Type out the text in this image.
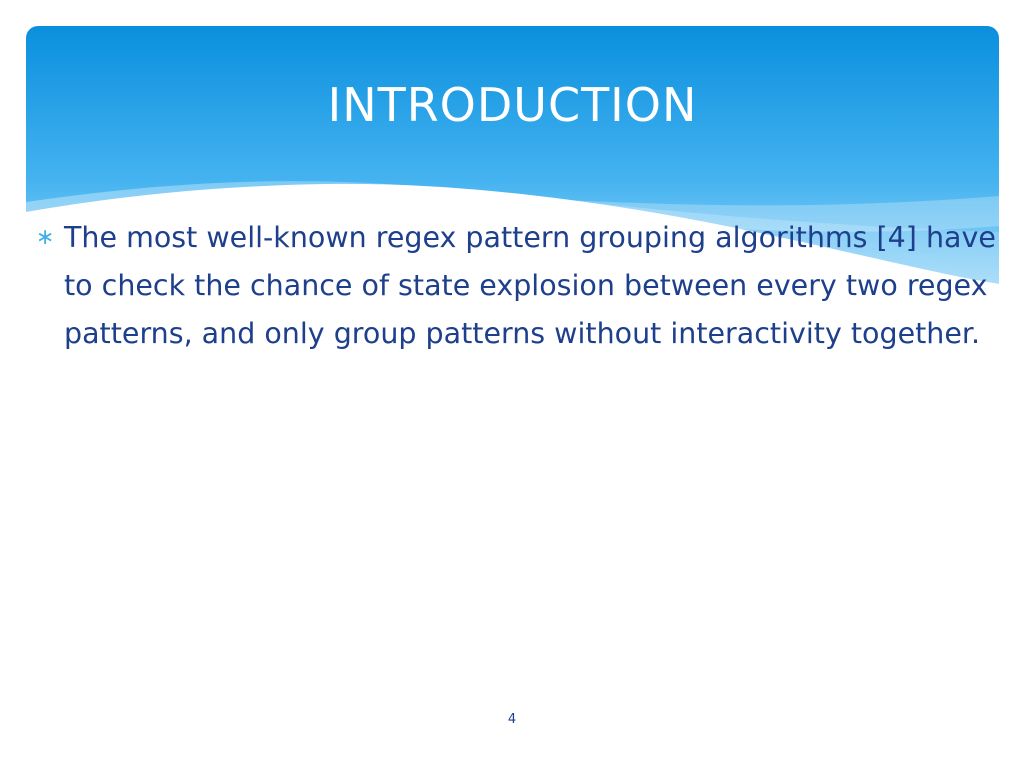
INTRODUCTION
∗ The most well-known regex pattern grouping algorithms [4] have to check the chance of state explosion between every two regex patterns, and only group patterns without interactivity together.

4
